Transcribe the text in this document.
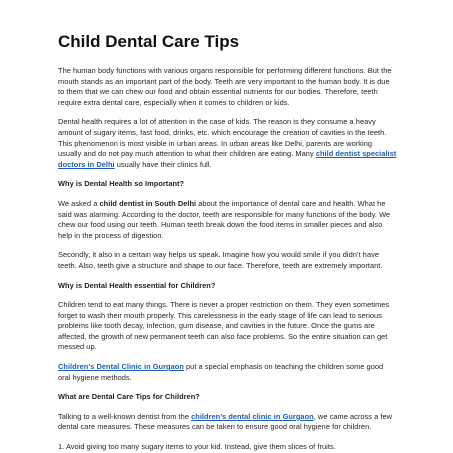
Child Dental Care Tips

The human body functions with various organs responsible for performing different functions. But the mouth stands as an important part of the body. Teeth are very important to the human body. It is due to them that we can chew our food and obtain essential nutrients for our bodies. Therefore, teeth require extra dental care, especially when it comes to children or kids.

Dental health requires a lot of attention in the case of kids. The reason is they consume a heavy amount of sugary items, fast food, drinks, etc. which encourage the creation of cavities in the teeth. This phenomenon is most visible in urban areas. In urban areas like Delhi, parents are working usually and do not pay much attention to what their children are eating. Many child dentist specialist doctors in Delhi usually have their clinics full.

Why is Dental Health so Important?

We asked a child dentist in South Delhi about the importance of dental care and health. What he said was alarming. According to the doctor, teeth are responsible for many functions of the body. We chew our food using our teeth. Human teeth break down the food items in smaller pieces and also help in the process of digestion.

Secondly, it also in a certain way helps us speak. Imagine how you would smile if you didn’t have teeth. Also, teeth give a structure and shape to our face. Therefore, teeth are extremely important.

Why is Dental Health essential for Children?

Children tend to eat many things. There is never a proper restriction on them. They even sometimes forget to wash their mouth properly. This carelessness in the early stage of life can lead to serious problems like tooth decay, infection, gum disease, and cavities in the future. Once the gums are affected, the growth of new permanent teeth can also face problems. So the entire situation can get messed up.

Children’s Dental Clinic in Gurgaon put a special emphasis on teaching the children some good oral hygiene methods.

What are Dental Care Tips for Children?

Talking to a well-known dentist from the children’s dental clinic in Gurgaon, we came across a few dental care measures. These measures can be taken to ensure good oral hygiene for children.

1. Avoid giving too many sugary items to your kid. Instead, give them slices of fruits.
